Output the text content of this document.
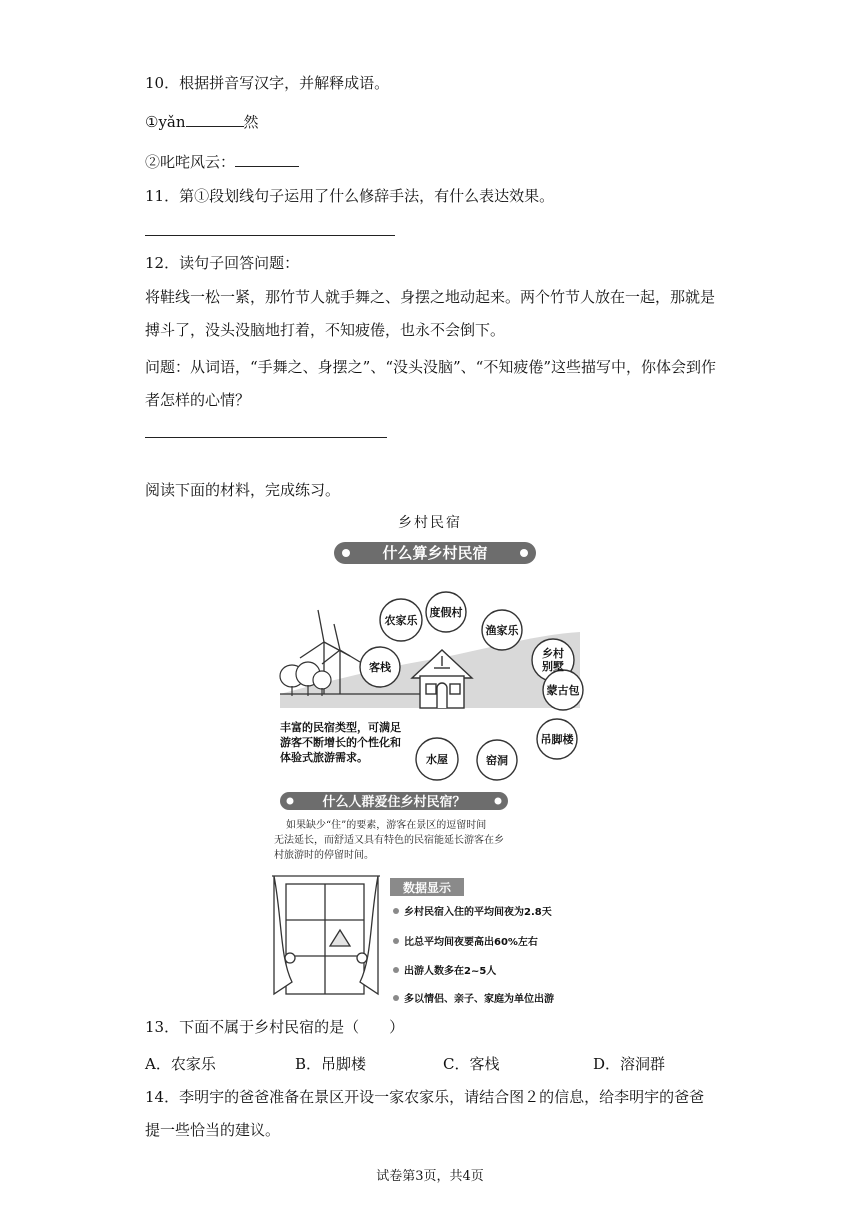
10．根据拼音写汉字，并解释成语。
①yǎn	然
②叱咤风云：
11．第①段划线句子运用了什么修辞手法，有什么表达效果。
12．读句子回答问题：
将鞋线一松一紧，那竹节人就手舞之、身摆之地动起来。两个竹节人放在一起，那就是搏斗了，没头没脑地打着，不知疲倦，也永不会倒下。
问题：从词语，“手舞之、身摆之”、“没头没脑”、“不知疲倦”这些描写中，你体会到作者怎样的心情？
阅读下面的材料，完成练习。
乡村民宿
什么算乡村民宿
度假村
渔家乐
农家乐
乡村
别墅
客栈
蒙古包
吊脚楼
水屋	窑洞
丰富的民宿类型，可满足
游客不断增长的个性化和
体验式旅游需求。
什么人群爱住乡村民宿？
如果缺少“住”的要素，游客在景区的逗留时间
无法延长，而舒适又具有特色的民宿能延长游客在乡
村旅游时的停留时间。
数据显示
乡村民宿入住的平均间夜为2.8天
比总平均间夜要高出60%左右
出游人数多在2~5人
多以情侣、亲子、家庭为单位出游
13．下面不属于乡村民宿的是（　　）
A．农家乐	B．吊脚楼	C．客栈	D．溶洞群
14．李明宇的爸爸准备在景区开设一家农家乐，请结合图２的信息，给李明宇的爸爸提一些恰当的建议。
试卷第3页，共4页
